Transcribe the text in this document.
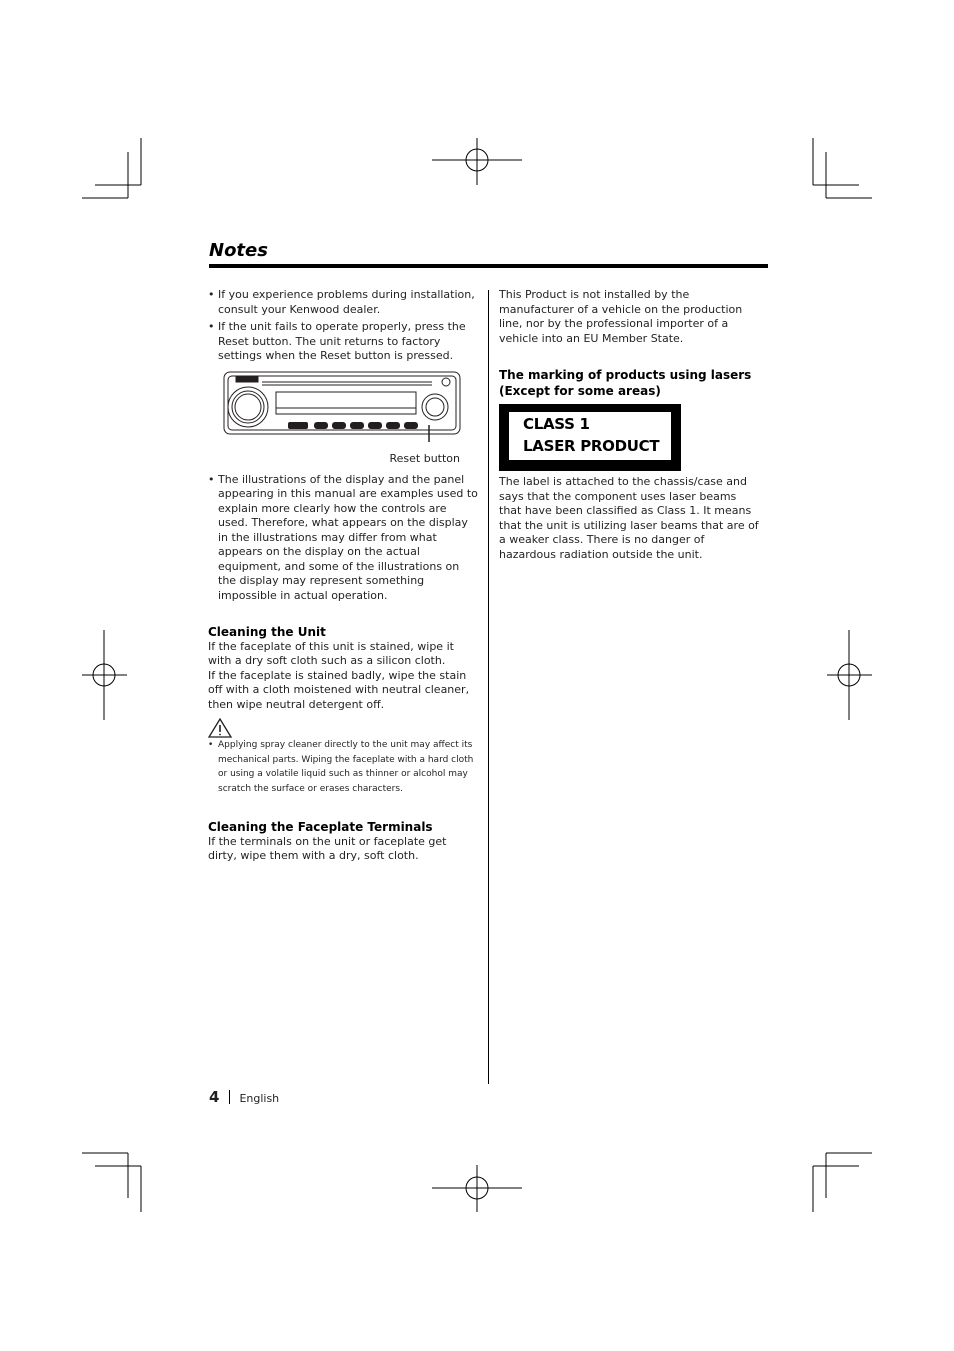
Notes
• If you experience problems during installation, consult your Kenwood dealer.
• If the unit fails to operate properly, press the Reset button. The unit returns to factory settings when the Reset button is pressed.
Reset button
• The illustrations of the display and the panel appearing in this manual are examples used to explain more clearly how the controls are used. Therefore, what appears on the display in the illustrations may differ from what appears on the display on the actual equipment, and some of the illustrations on the display may represent something impossible in actual operation.

Cleaning the Unit

If the faceplate of this unit is stained, wipe it with a dry soft cloth such as a silicon cloth.

If the faceplate is stained badly, wipe the stain off with a cloth moistened with neutral cleaner, then wipe neutral detergent off.

• Applying spray cleaner directly to the unit may affect its mechanical parts. Wiping the faceplate with a hard cloth or using a volatile liquid such as thinner or alcohol may scratch the surface or erases characters.

Cleaning the Faceplate Terminals

If the terminals on the unit or faceplate get dirty, wipe them with a dry, soft cloth.

This Product is not installed by the manufacturer of a vehicle on the production line, nor by the professional importer of a vehicle into an EU Member State.

The marking of products using lasers (Except for some areas)

CLASS 1
LASER PRODUCT

The label is attached to the chassis/case and says that the component uses laser beams that have been classified as Class 1. It means that the unit is utilizing laser beams that are of a weaker class. There is no danger of hazardous radiation outside the unit.

4 English
